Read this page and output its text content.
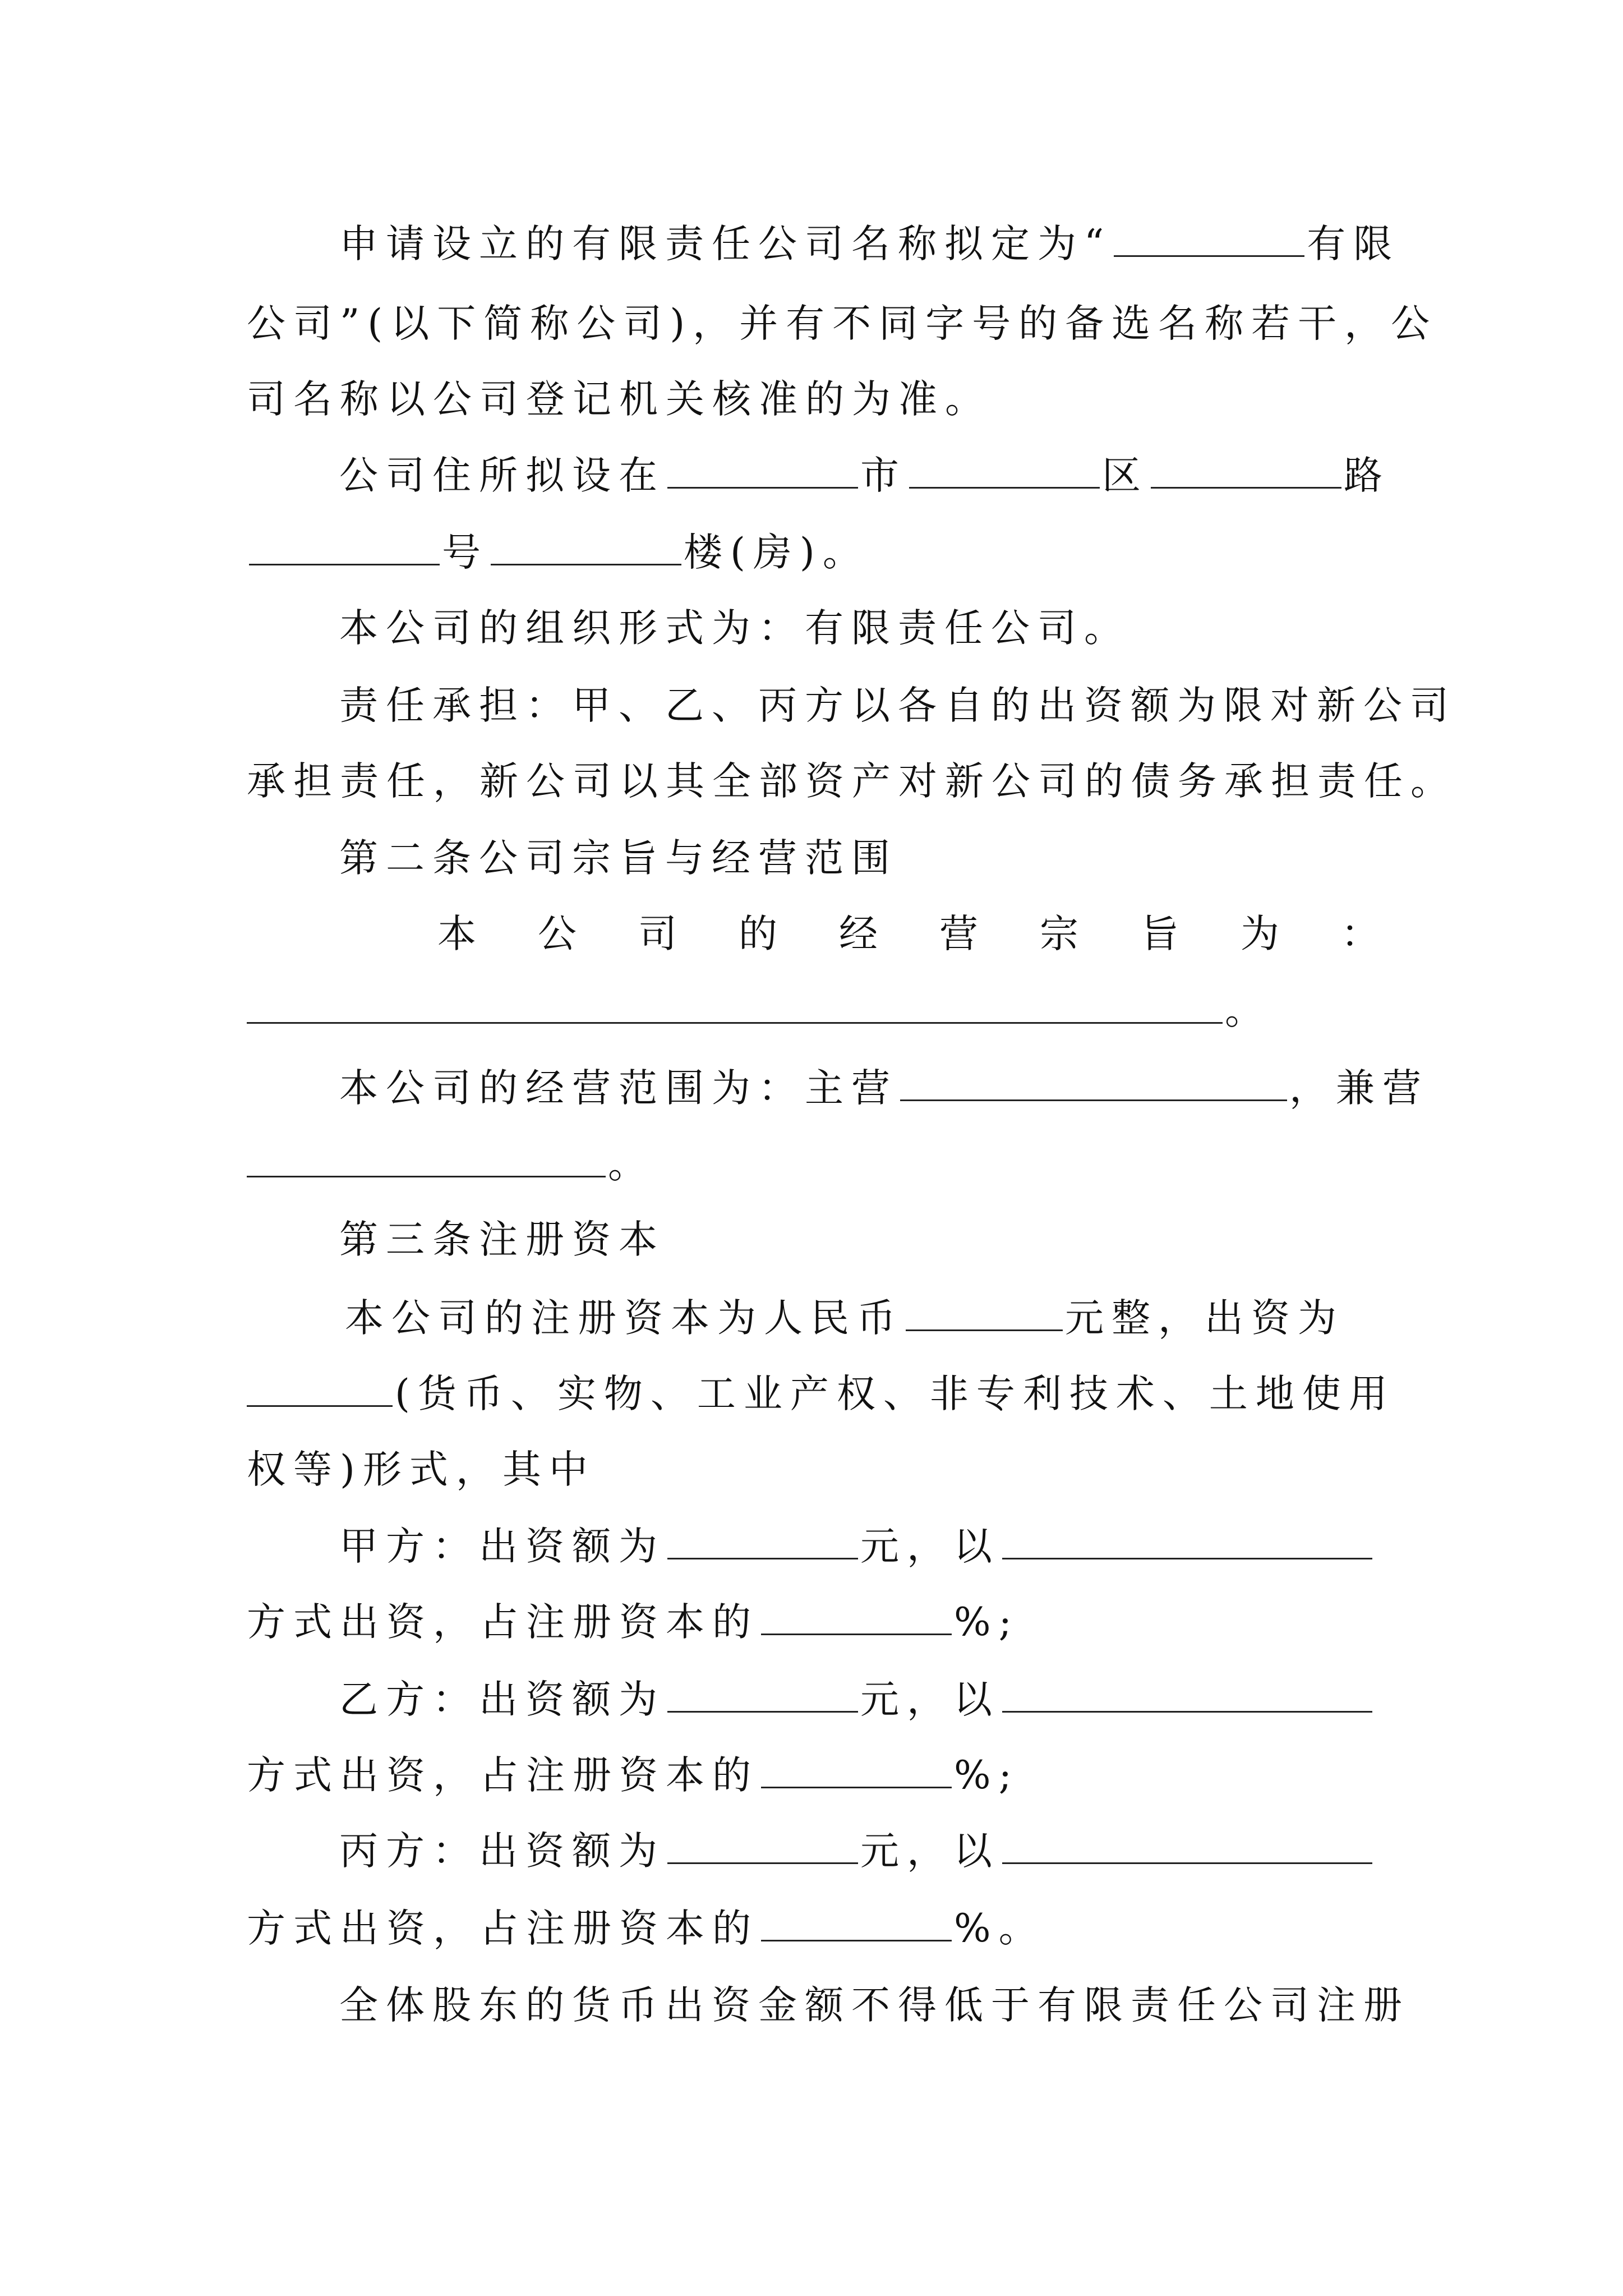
申请设立的有限责任公司名称拟定为“	有限
公司”(以下简称公司)，并有不同字号的备选名称若干，公
司名称以公司登记机关核准的为准。
公司住所拟设在	市	区	路
号	楼(房)。
本公司的组织形式为：有限责任公司。
责任承担：甲、乙、丙方以各自的出资额为限对新公司
承担责任，新公司以其全部资产对新公司的债务承担责任。
第二条公司宗旨与经营范围
本 公 司 的 经 营 宗 旨 为 ：
。
本公司的经营范围为：主营	，兼营
。
第三条注册资本
本公司的注册资本为人民币	元整，出资为
(货币、实物、工业产权、非专利技术、土地使用
权等)形式，其中
甲方：出资额为	元，以
方式出资，占注册资本的	%;
乙方：出资额为	元，以
方式出资，占注册资本的	%;
丙方：出资额为	元，以
方式出资，占注册资本的	%。
全体股东的货币出资金额不得低于有限责任公司注册
